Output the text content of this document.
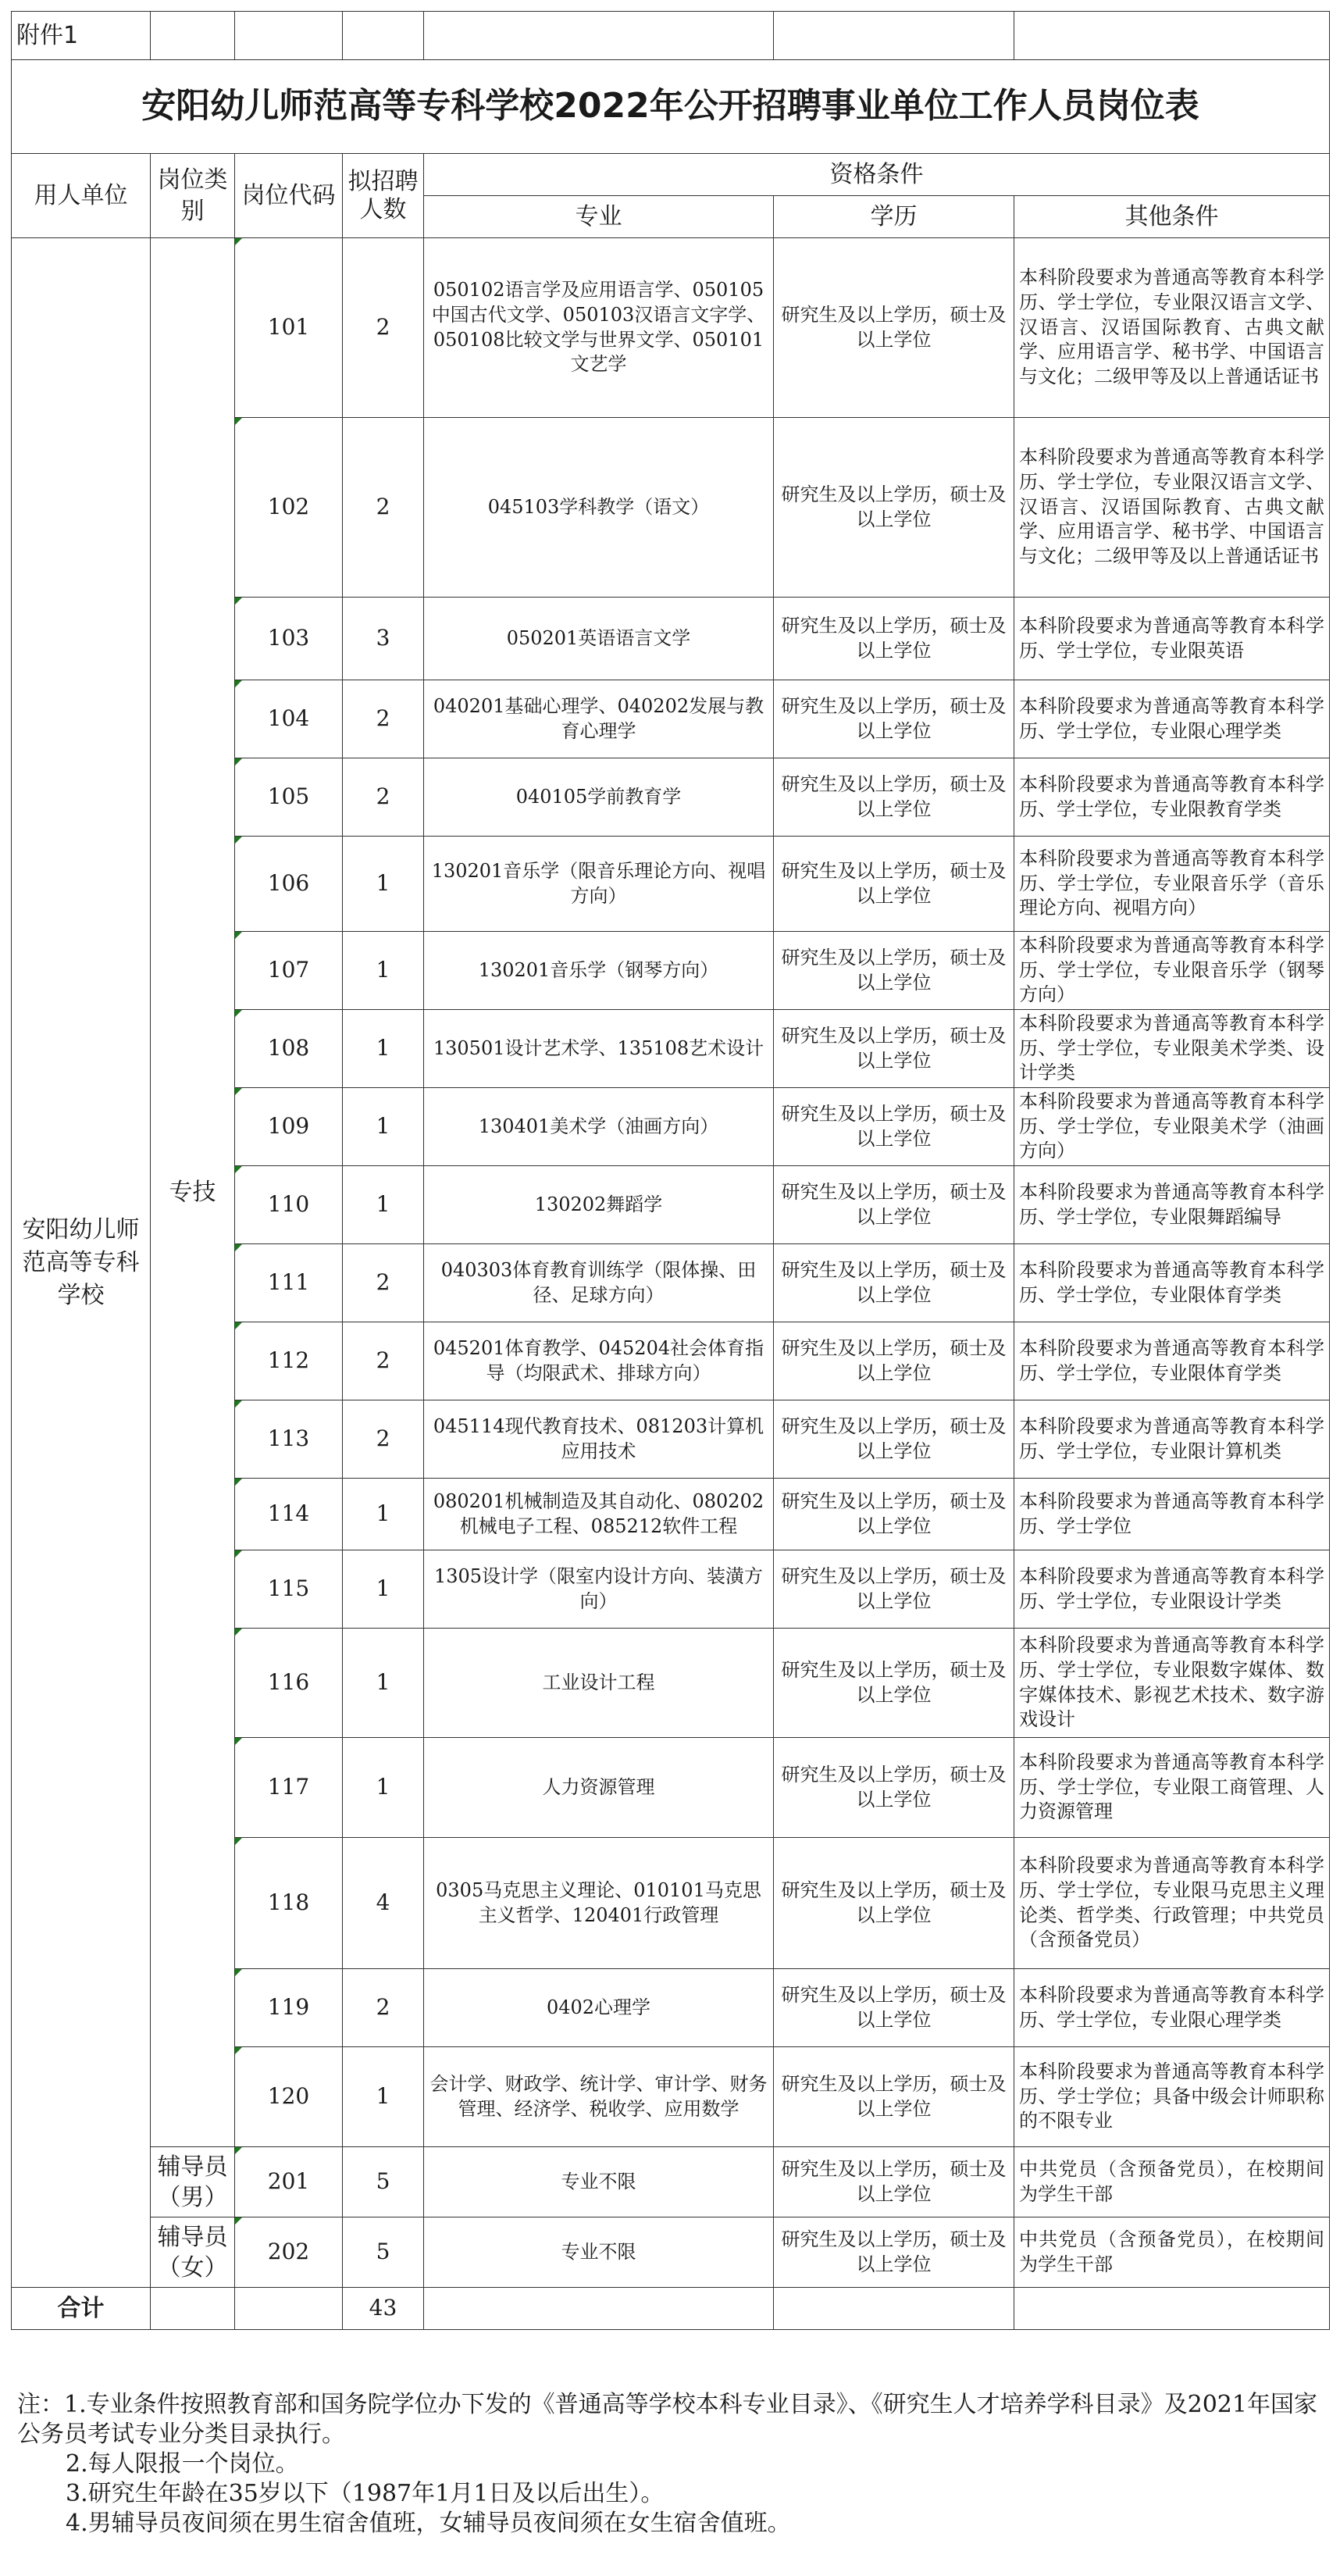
附件1						
安阳幼儿师范高等专科学校2022年公开招聘事业单位工作人员岗位表						
用人单位	岗位类别	岗位代码	拟招聘人数	资格条件		
				专业	学历	其他条件
安阳幼儿师范高等专科学校	专技	101	2	050102语言学及应用语言学、050105中国古代文学、050103汉语言文字学、050108比较文学与世界文学、050101文艺学	研究生及以上学历，硕士及以上学位	本科阶段要求为普通高等教育本科学历、学士学位，专业限汉语言文学、汉语言、汉语国际教育、古典文献学、应用语言学、秘书学、中国语言与文化；二级甲等及以上普通话证书
		102	2	045103学科教学（语文）	研究生及以上学历，硕士及以上学位	本科阶段要求为普通高等教育本科学历、学士学位，专业限汉语言文学、汉语言、汉语国际教育、古典文献学、应用语言学、秘书学、中国语言与文化；二级甲等及以上普通话证书
		103	3	050201英语语言文学	研究生及以上学历，硕士及以上学位	本科阶段要求为普通高等教育本科学历、学士学位，专业限英语
		104	2	040201基础心理学、040202发展与教育心理学	研究生及以上学历，硕士及以上学位	本科阶段要求为普通高等教育本科学历、学士学位，专业限心理学类
		105	2	040105学前教育学	研究生及以上学历，硕士及以上学位	本科阶段要求为普通高等教育本科学历、学士学位，专业限教育学类
		106	1	130201音乐学（限音乐理论方向、视唱方向）	研究生及以上学历，硕士及以上学位	本科阶段要求为普通高等教育本科学历、学士学位，专业限音乐学（音乐理论方向、视唱方向）
		107	1	130201音乐学（钢琴方向）	研究生及以上学历，硕士及以上学位	本科阶段要求为普通高等教育本科学历、学士学位，专业限音乐学（钢琴方向）
		108	1	130501设计艺术学、135108艺术设计	研究生及以上学历，硕士及以上学位	本科阶段要求为普通高等教育本科学历、学士学位，专业限美术学类、设计学类
		109	1	130401美术学（油画方向）	研究生及以上学历，硕士及以上学位	本科阶段要求为普通高等教育本科学历、学士学位，专业限美术学（油画方向）
		110	1	130202舞蹈学	研究生及以上学历，硕士及以上学位	本科阶段要求为普通高等教育本科学历、学士学位，专业限舞蹈编导
		111	2	040303体育教育训练学（限体操、田径、足球方向）	研究生及以上学历，硕士及以上学位	本科阶段要求为普通高等教育本科学历、学士学位，专业限体育学类
		112	2	045201体育教学、045204社会体育指导（均限武术、排球方向）	研究生及以上学历，硕士及以上学位	本科阶段要求为普通高等教育本科学历、学士学位，专业限体育学类
		113	2	045114现代教育技术、081203计算机应用技术	研究生及以上学历，硕士及以上学位	本科阶段要求为普通高等教育本科学历、学士学位，专业限计算机类
		114	1	080201机械制造及其自动化、080202机械电子工程、085212软件工程	研究生及以上学历，硕士及以上学位	本科阶段要求为普通高等教育本科学历、学士学位
		115	1	1305设计学（限室内设计方向、装潢方向）	研究生及以上学历，硕士及以上学位	本科阶段要求为普通高等教育本科学历、学士学位，专业限设计学类
		116	1	工业设计工程	研究生及以上学历，硕士及以上学位	本科阶段要求为普通高等教育本科学历、学士学位，专业限数字媒体、数字媒体技术、影视艺术技术、数字游戏设计
		117	1	人力资源管理	研究生及以上学历，硕士及以上学位	本科阶段要求为普通高等教育本科学历、学士学位，专业限工商管理、人力资源管理
		118	4	0305马克思主义理论、010101马克思主义哲学、120401行政管理	研究生及以上学历，硕士及以上学位	本科阶段要求为普通高等教育本科学历、学士学位，专业限马克思主义理论类、哲学类、行政管理；中共党员（含预备党员）
		119	2	0402心理学	研究生及以上学历，硕士及以上学位	本科阶段要求为普通高等教育本科学历、学士学位，专业限心理学类
		120	1	会计学、财政学、统计学、审计学、财务管理、经济学、税收学、应用数学	研究生及以上学历，硕士及以上学位	本科阶段要求为普通高等教育本科学历、学士学位；具备中级会计师职称的不限专业
	辅导员（男）	201	5	专业不限	研究生及以上学历，硕士及以上学位	中共党员（含预备党员），在校期间为学生干部
	辅导员（女）	202	5	专业不限	研究生及以上学历，硕士及以上学位	中共党员（含预备党员），在校期间为学生干部
合计			43			

注：1.专业条件按照教育部和国务院学位办下发的《普通高等学校本科专业目录》、《研究生人才培养学科目录》及2021年国家公务员考试专业分类目录执行。

2.每人限报一个岗位。

3.研究生年龄在35岁以下（1987年1月1日及以后出生）。

4.男辅导员夜间须在男生宿舍值班，女辅导员夜间须在女生宿舍值班。
